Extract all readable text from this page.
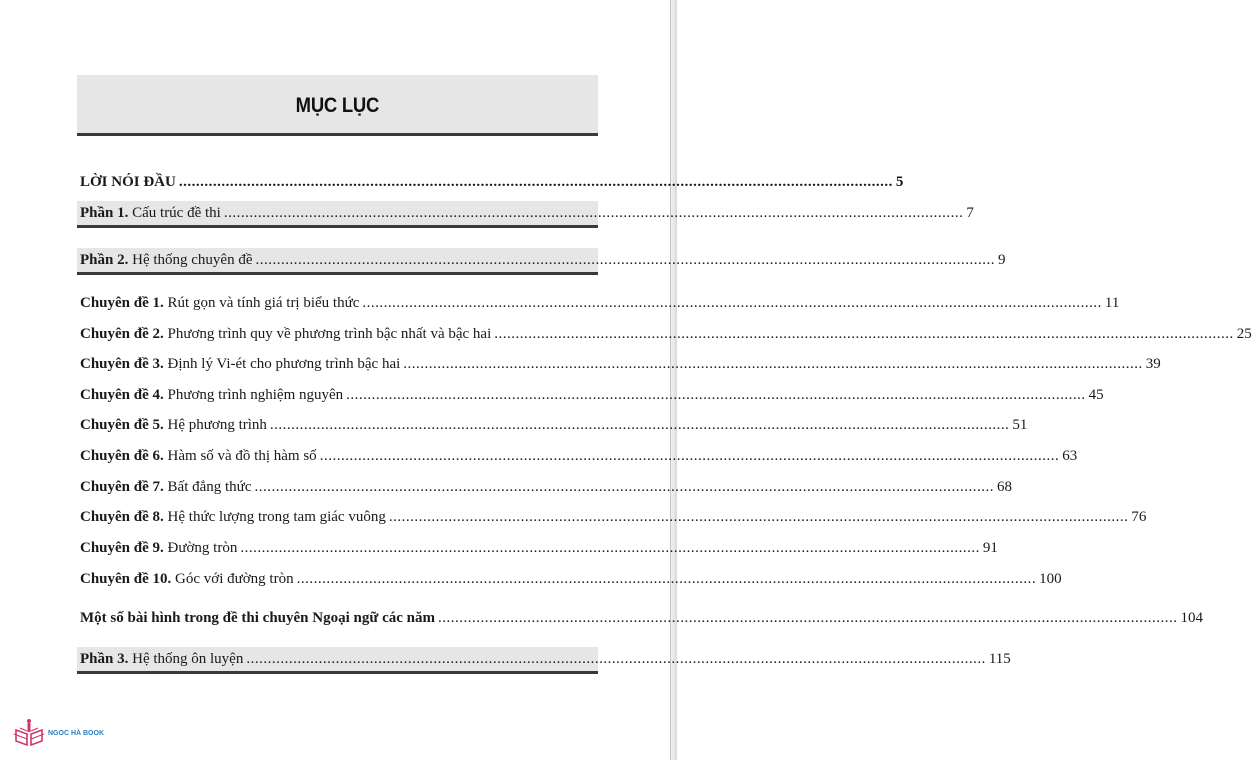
MỤC LỤC
LỜI NÓI ĐẦU ........................................................................................................................................................................ 5
Phần 1. Cấu trúc đề thi .............................................................................................................................................................................. 7
Phần 2. Hệ thống chuyên đề .............................................................................................................................................................................. 9
Chuyên đề 1. Rút gọn và tính giá trị biểu thức .............................................................................................................................................................................. 11
Chuyên đề 2. Phương trình quy về phương trình bậc nhất và bậc hai .............................................................................................................................................................................. 25
Chuyên đề 3. Định lý Vi-ét cho phương trình bậc hai .............................................................................................................................................................................. 39
Chuyên đề 4. Phương trình nghiệm nguyên .............................................................................................................................................................................. 45
Chuyên đề 5. Hệ phương trình .............................................................................................................................................................................. 51
Chuyên đề 6. Hàm số và đồ thị hàm số .............................................................................................................................................................................. 63
Chuyên đề 7. Bất đẳng thức .............................................................................................................................................................................. 68
Chuyên đề 8. Hệ thức lượng trong tam giác vuông .............................................................................................................................................................................. 76
Chuyên đề 9. Đường tròn .............................................................................................................................................................................. 91
Chuyên đề 10. Góc với đường tròn .............................................................................................................................................................................. 100
Một số bài hình trong đề thi chuyên Ngoại ngữ các năm .............................................................................................................................................................................. 104
Phần 3. Hệ thống ôn luyện .............................................................................................................................................................................. 115
NGOC HÀ BOOK
